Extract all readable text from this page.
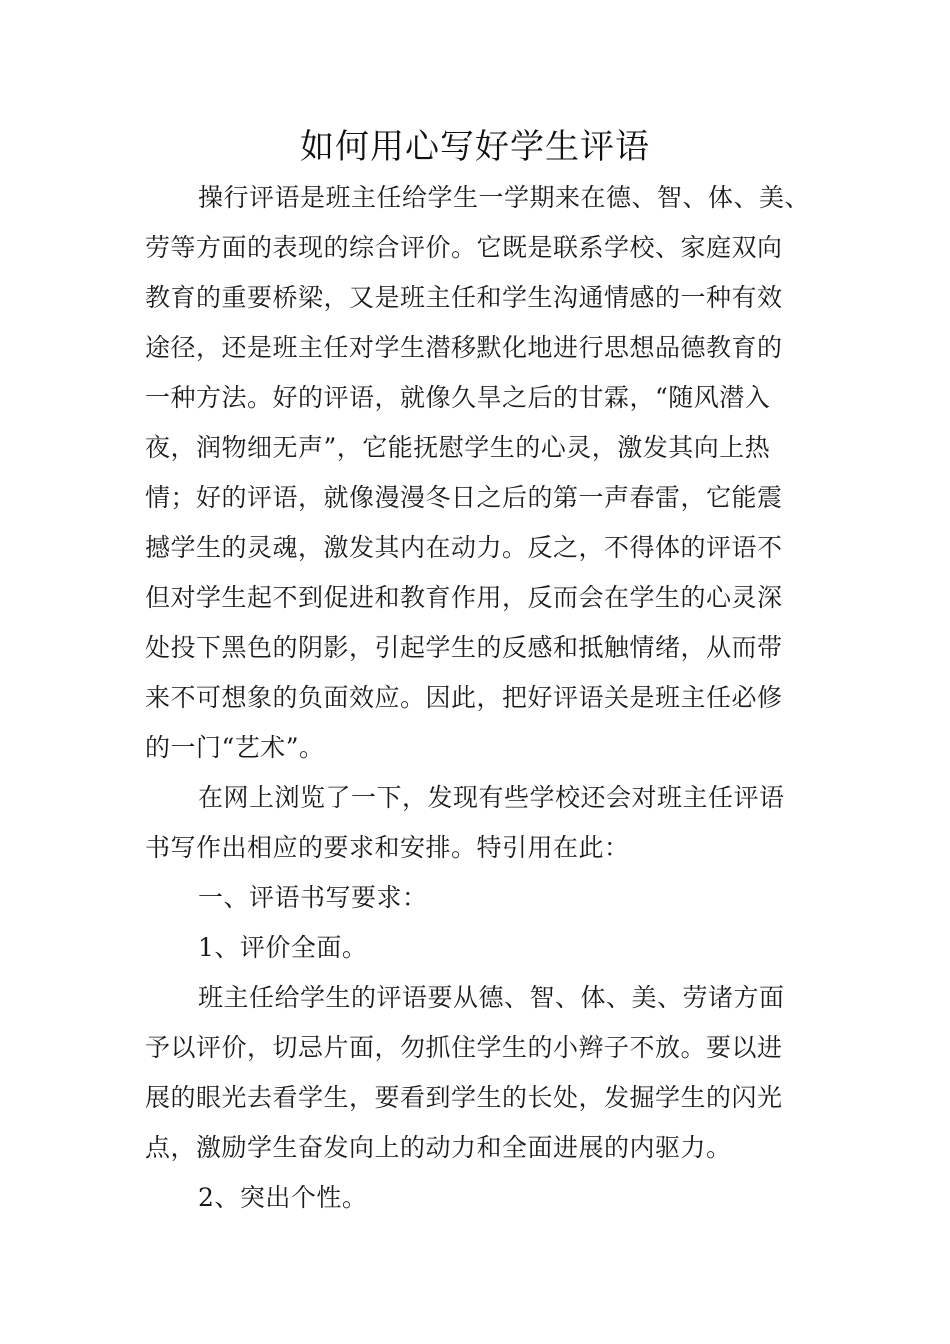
如何用心写好学生评语
操行评语是班主任给学生一学期来在德、智、体、美、
劳等方面的表现的综合评价。它既是联系学校、家庭双向
教育的重要桥梁，又是班主任和学生沟通情感的一种有效
途径，还是班主任对学生潜移默化地进行思想品德教育的
一种方法。好的评语，就像久旱之后的甘霖，“随风潜入
夜，润物细无声”，它能抚慰学生的心灵，激发其向上热
情；好的评语，就像漫漫冬日之后的第一声春雷，它能震
撼学生的灵魂，激发其内在动力。反之，不得体的评语不
但对学生起不到促进和教育作用，反而会在学生的心灵深
处投下黑色的阴影，引起学生的反感和抵触情绪，从而带
来不可想象的负面效应。因此，把好评语关是班主任必修
的一门“艺术”。
在网上浏览了一下，发现有些学校还会对班主任评语
书写作出相应的要求和安排。特引用在此：
一、评语书写要求：
1、评价全面。
班主任给学生的评语要从德、智、体、美、劳诸方面
予以评价，切忌片面，勿抓住学生的小辫子不放。要以进
展的眼光去看学生，要看到学生的长处，发掘学生的闪光
点，激励学生奋发向上的动力和全面进展的内驱力。
2、突出个性。
